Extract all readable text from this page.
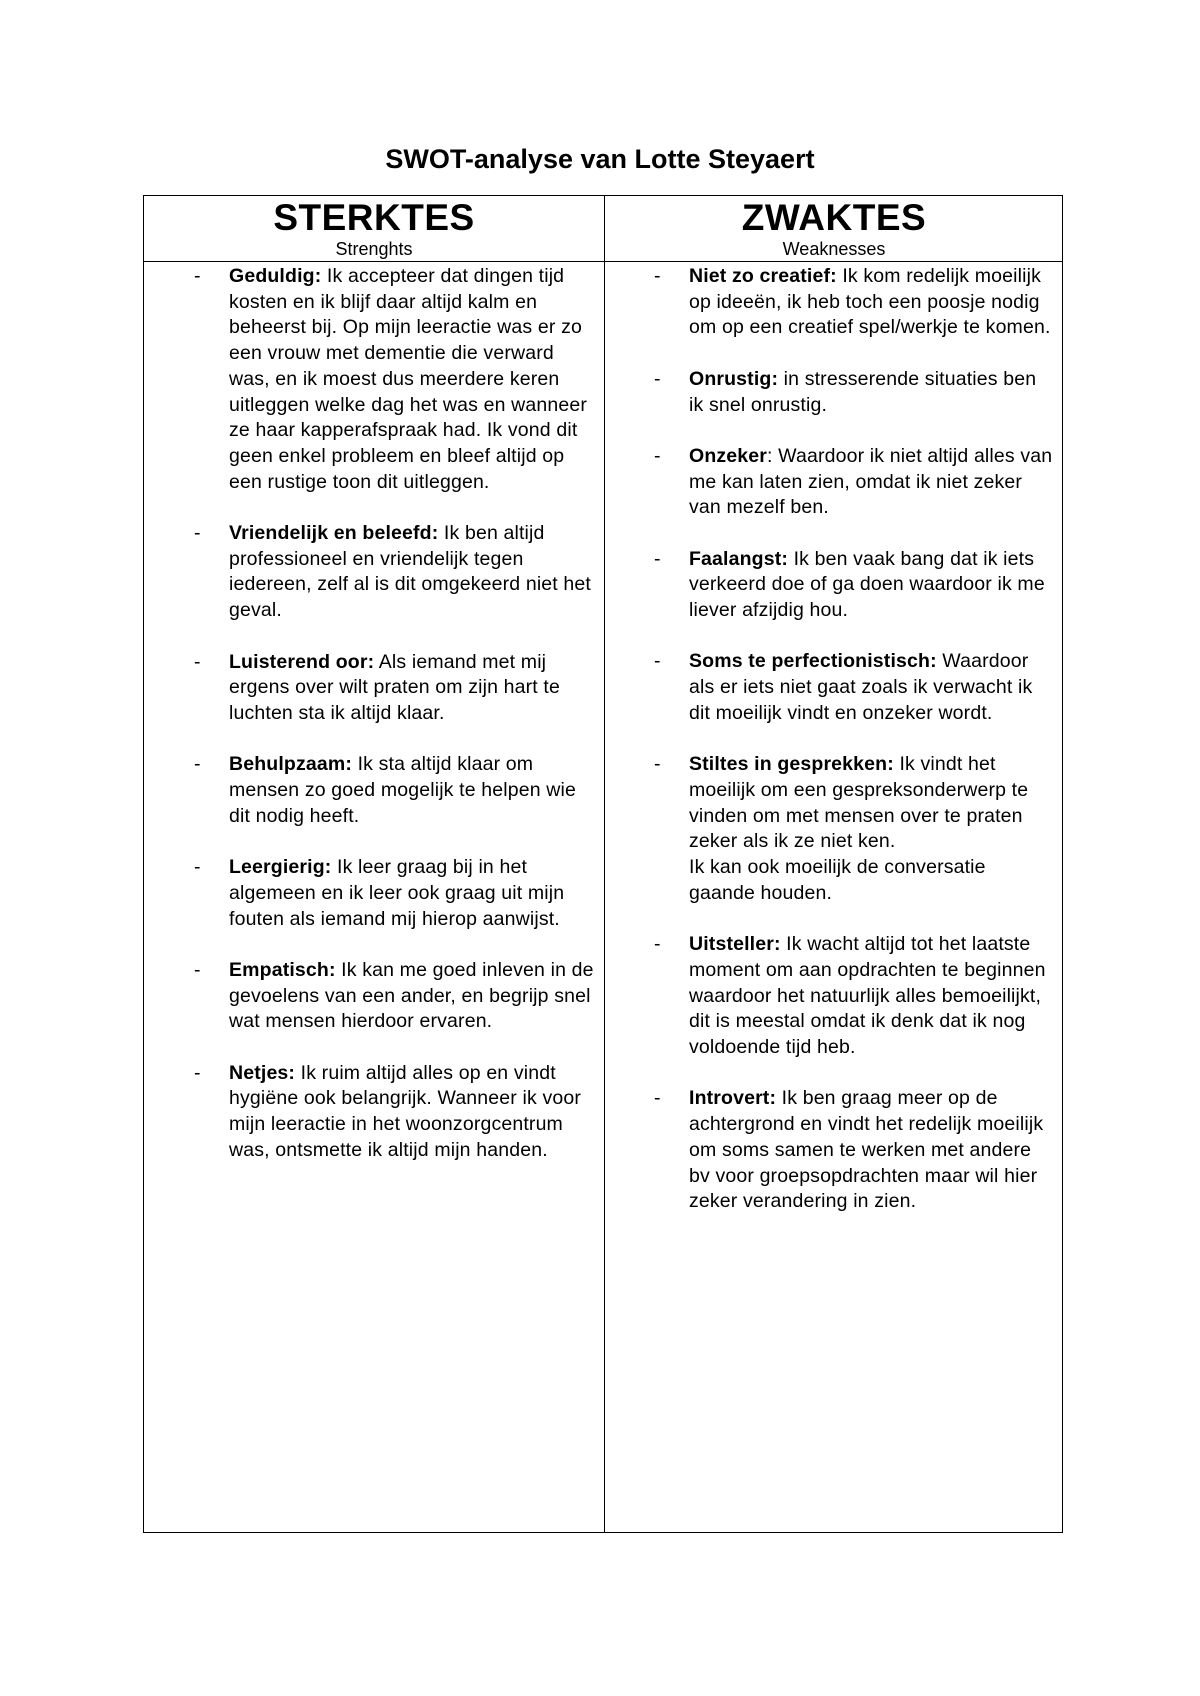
SWOT-analyse van Lotte Steyaert
STERKTES
Strenghts
ZWAKTES
Weaknesses
- Geduldig: Ik accepteer dat dingen tijd kosten en ik blijf daar altijd kalm en beheerst bij. Op mijn leeractie was er zo een vrouw met dementie die verward was, en ik moest dus meerdere keren uitleggen welke dag het was en wanneer ze haar kapperafspraak had. Ik vond dit geen enkel probleem en bleef altijd op een rustige toon dit uitleggen.
- Vriendelijk en beleefd: Ik ben altijd professioneel en vriendelijk tegen iedereen, zelf al is dit omgekeerd niet het geval.
- Luisterend oor: Als iemand met mij ergens over wilt praten om zijn hart te luchten sta ik altijd klaar.
- Behulpzaam: Ik sta altijd klaar om mensen zo goed mogelijk te helpen wie dit nodig heeft.
- Leergierig: Ik leer graag bij in het algemeen en ik leer ook graag uit mijn fouten als iemand mij hierop aanwijst.
- Empatisch: Ik kan me goed inleven in de gevoelens van een ander, en begrijp snel wat mensen hierdoor ervaren.
- Netjes: Ik ruim altijd alles op en vindt hygiëne ook belangrijk. Wanneer ik voor mijn leeractie in het woonzorgcentrum was, ontsmette ik altijd mijn handen.
- Niet zo creatief: Ik kom redelijk moeilijk op ideeën, ik heb toch een poosje nodig om op een creatief spel/werkje te komen.
- Onrustig: in stresserende situaties ben ik snel onrustig.
- Onzeker: Waardoor ik niet altijd alles van me kan laten zien, omdat ik niet zeker van mezelf ben.
- Faalangst: Ik ben vaak bang dat ik iets verkeerd doe of ga doen waardoor ik me liever afzijdig hou.
- Soms te perfectionistisch: Waardoor als er iets niet gaat zoals ik verwacht ik dit moeilijk vindt en onzeker wordt.
- Stiltes in gesprekken: Ik vindt het moeilijk om een gespreksonderwerp te vinden om met mensen over te praten zeker als ik ze niet ken.
Ik kan ook moeilijk de conversatie gaande houden.
- Uitsteller: Ik wacht altijd tot het laatste moment om aan opdrachten te beginnen waardoor het natuurlijk alles bemoeilijkt, dit is meestal omdat ik denk dat ik nog voldoende tijd heb.
- Introvert: Ik ben graag meer op de achtergrond en vindt het redelijk moeilijk om soms samen te werken met andere bv voor groepsopdrachten maar wil hier zeker verandering in zien.
